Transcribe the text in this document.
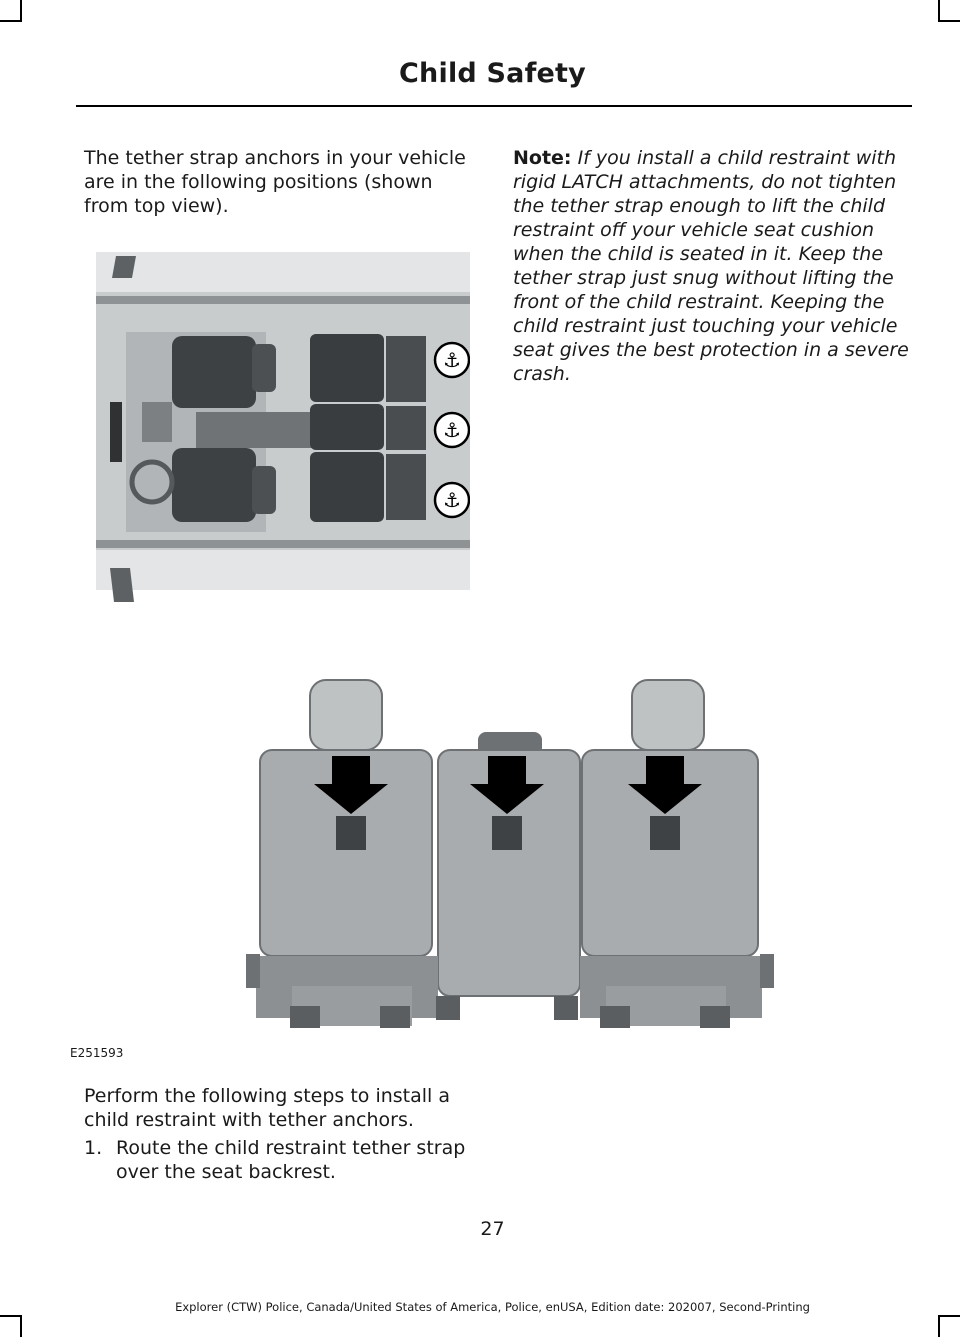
Child Safety

The tether strap anchors in your vehicle are in the following positions (shown from top view).

Note: If you install a child restraint with rigid LATCH attachments, do not tighten the tether strap enough to lift the child restraint off your vehicle seat cushion when the child is seated in it. Keep the tether strap just snug without lifting the front of the child restraint. Keeping the child restraint just touching your vehicle seat gives the best protection in a severe crash.

⚓
⚓
⚓
E251593

Perform the following steps to install a child restraint with tether anchors.

1. Route the child restraint tether strap over the seat backrest.
27
Explorer (CTW) Police, Canada/United States of America, Police, enUSA, Edition date: 202007, Second-Printing
